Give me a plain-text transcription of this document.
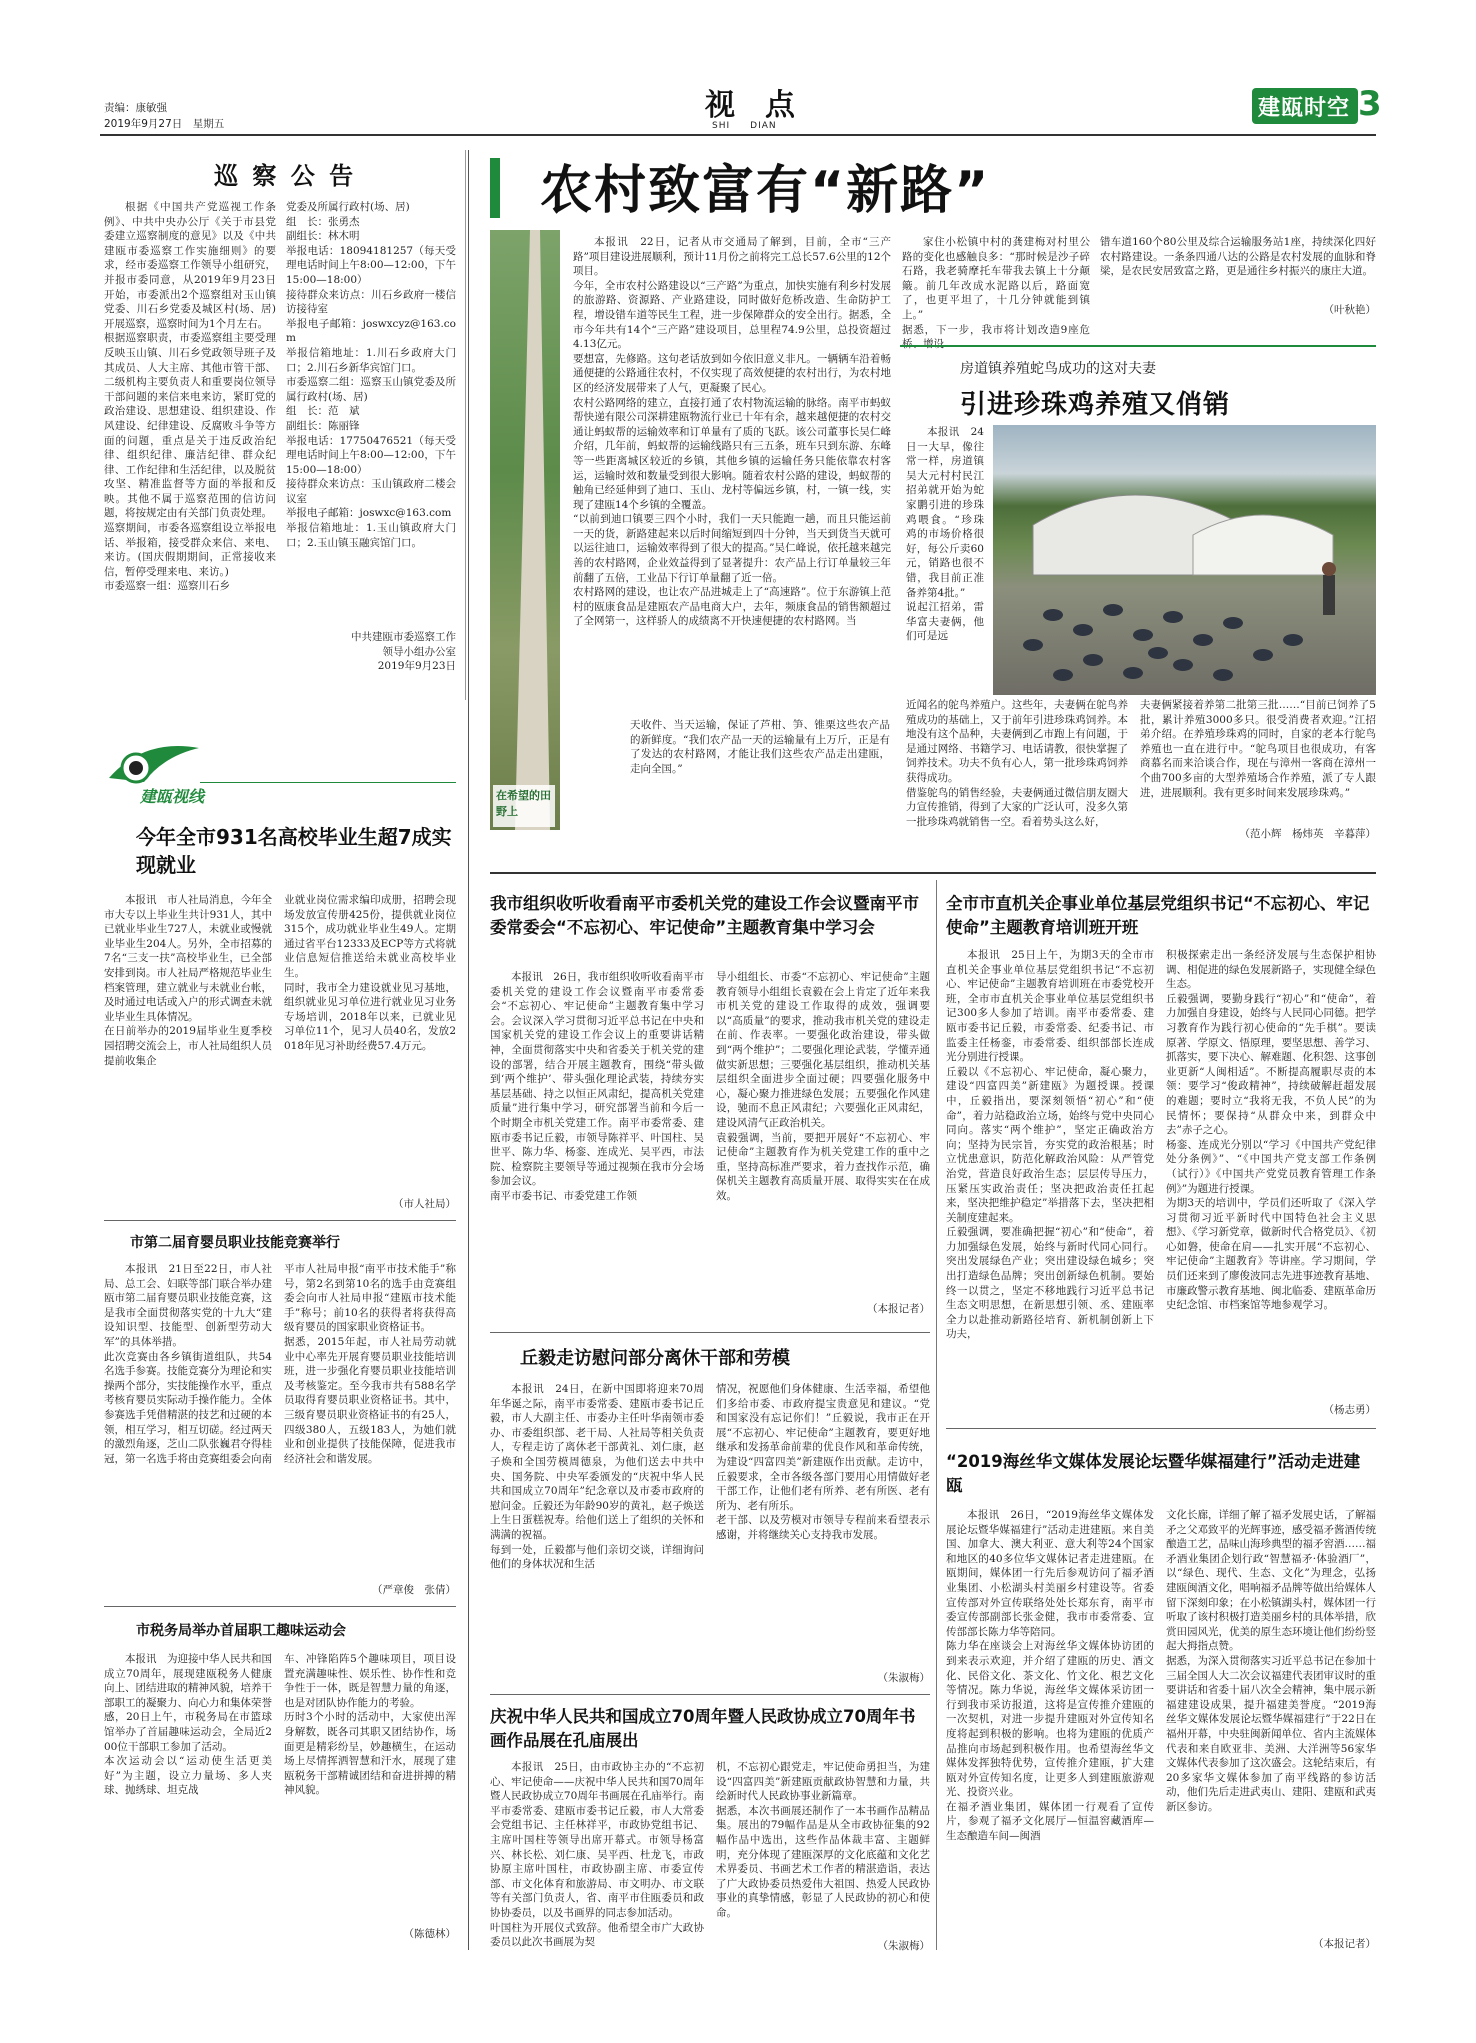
责编：康敏强
2019年9月27日　星期五
视　点
SHI　　DIAN
建瓯时空 3
巡 察 公 告
根据《中国共产党巡视工作条例》、中共中央办公厅《关于市县党委建立巡察制度的意见》以及《中共建瓯市委巡察工作实施细则》的要求，经市委巡察工作领导小组研究，并报市委同意，从2019年9月23日开始，市委派出2个巡察组对玉山镇党委、川石乡党委及城区村(场、居)开展巡察，巡察时间为1个月左右。
根据巡察职责，市委巡察组主要受理反映玉山镇、川石乡党政领导班子及其成员、人大主席、其他市管干部、二级机构主要负责人和重要岗位领导干部问题的来信来电来访，紧盯党的政治建设、思想建设、组织建设、作风建设、纪律建设、反腐败斗争等方面的问题，重点是关于违反政治纪律、组织纪律、廉洁纪律、群众纪律、工作纪律和生活纪律，以及脱贫攻坚、精准监督等方面的举报和反映。其他不属于巡察范围的信访问题，将按规定由有关部门负责处理。
巡察期间，市委各巡察组设立举报电话、举报箱，接受群众来信、来电、来访。(国庆假期期间，正常接收来信，暂停受理来电、来访。)
市委巡察一组：巡察川石乡
党委及所属行政村(场、居)
组　长：张勇杰
副组长：林木明
举报电话：18094181257（每天受理电话时间上午8:00—12:00，下午15:00—18:00）
接待群众来访点：川石乡政府一楼信访接待室
举报电子邮箱：joswxcyz@163.com
举报信箱地址：1.川石乡政府大门口；2.川石乡新华宾馆门口。
市委巡察二组：巡察玉山镇党委及所属行政村(场、居)
组　长：范　斌
副组长：陈丽锋
举报电话：17750476521（每天受理电话时间上午8:00—12:00，下午15:00—18:00）
接待群众来访点：玉山镇政府二楼会议室
举报电子邮箱：joswxc@163.com
举报信箱地址：1.玉山镇政府大门口；2.玉山镇玉融宾馆门口。
中共建瓯市委巡察工作
领导小组办公室
2019年9月23日
建瓯视线
今年全市931名高校毕业生超7成实现就业
本报讯　市人社局消息，今年全市大专以上毕业生共计931人，其中已就业毕业生727人，未就业或慢就业毕业生204人。另外，全市招募的7名“三支一扶”高校毕业生，已全部安排到岗。市人社局严格规范毕业生档案管理，建立就业与未就业台帐，及时通过电话或入户的形式调查未就业毕业生具体情况。
在日前举办的2019届毕业生夏季校园招聘交流会上，市人社局组织人员提前收集企
业就业岗位需求编印成册，招聘会现场发放宣传册425份，提供就业岗位315个，成功就业毕业生49人。定期通过省平台12333及ECP等方式将就业信息短信推送给未就业高校毕业生。
同时，我市全力建设就业见习基地，组织就业见习单位进行就业见习业务专场培训，2018年以来，已就业见习单位11个，见习人员40名，发放2018年见习补助经费57.4万元。
（市人社局）
市第二届育婴员职业技能竞赛举行
本报讯　21日至22日，市人社局、总工会、妇联等部门联合举办建瓯市第二届育婴员职业技能竞赛，这是我市全面贯彻落实党的十九大“建设知识型、技能型、创新型劳动大军”的具体举措。
此次竞赛由各乡镇街道组队，共54名选手参赛。技能竞赛分为理论和实操两个部分，实技能操作水平，重点考核育婴员实际动手操作能力。全体参赛选手凭借精湛的技艺和过硬的本领，相互学习，相互切磋。经过两天的激烈角逐，芝山二队张巍君夺得桂冠，第一名选手将由竞赛组委会向南
平市人社局申报“南平市技术能手”称号，第2名到第10名的选手由竞赛组委会向市人社局申报“建瓯市技术能手”称号；前10名的获得者将获得高级育婴员的国家职业资格证书。
据悉，2015年起，市人社局劳动就业中心率先开展育婴员职业技能培训班，进一步强化育婴员职业技能培训及考核鉴定。至今我市共有588名学员取得育婴员职业资格证书。其中，三级育婴员职业资格证书的有25人，四级380人，五级183人，为她们就业和创业提供了技能保障，促进我市经济社会和谐发展。
（严章俊　张倩）
市税务局举办首届职工趣味运动会
本报讯　为迎接中华人民共和国成立70周年，展现建瓯税务人健康向上、团结进取的精神风貌，培养干部职工的凝聚力、向心力和集体荣誉感，20日上午，市税务局在市篮球馆举办了首届趣味运动会，全局近200位干部职工参加了活动。
本次运动会以“运动使生活更美好”为主题，设立力量场、多人夹球、抛绣球、坦克战
车、冲锋陷阵5个趣味项目，项目设置充满趣味性、娱乐性、协作性和竞争性于一体，既是智慧力量的角逐，也是对团队协作能力的考验。
历时3个小时的活动中，大家使出浑身解数，既各司其职又团结协作，场面更是精彩纷呈，妙趣横生，在运动场上尽情挥洒智慧和汗水，展现了建瓯税务干部精诚团结和奋进拼搏的精神风貌。
（陈德林）
农村致富有“新路”
在希望的田野上
本报讯　22日，记者从市交通局了解到，目前，全市“三产路”项目建设进展顺利，预计11月份之前将完工总长57.6公里的12个项目。
今年，全市农村公路建设以“三产路”为重点，加快实施有利乡村发展的旅游路、资源路、产业路建设，同时做好危桥改造、生命防护工程，增设错车道等民生工程，进一步保障群众的安全出行。据悉，全市今年共有14个“三产路”建设项目，总里程74.9公里，总投资超过4.13亿元。
要想富，先修路。这句老话放到如今依旧意义非凡。一辆辆车沿着畅通便捷的公路通往农村，不仅实现了高效便捷的农村出行，为农村地区的经济发展带来了人气，更凝聚了民心。
农村公路网络的建立，直接打通了农村物流运输的脉络。南平市蚂蚁帮快递有限公司深耕建瓯物流行业已十年有余，越来越便捷的农村交通让蚂蚁帮的运输效率和订单量有了质的飞跃。该公司董事长吴仁峰介绍，几年前，蚂蚁帮的运输线路只有三五条，班车只到东游、东峰等一些距离城区较近的乡镇，其他乡镇的运输任务只能依靠农村客运，运输时效和数量受到很大影响。随着农村公路的建设，蚂蚁帮的触角已经延伸到了迪口、玉山、龙村等偏远乡镇，村，一镇一线，实现了建瓯14个乡镇的全覆盖。
“以前到迪口镇要三四个小时，我们一天只能跑一趟，而且只能运前一天的货，新路建起来以后时间缩短到四十分钟，当天到货当天就可以运往迪口，运输效率得到了很大的提高。”吴仁峰说，依托越来越完善的农村路网，企业效益得到了显著提升：农产品上行订单量较三年前翻了五倍，工业品下行订单量翻了近一倍。
农村路网的建设，也让农产品进城走上了“高速路”。位于东游镇上范村的瓯康食品是建瓯农产品电商大户，去年，频康食品的销售额超过了全网第一，这样骄人的成绩离不开快速便捷的农村路网。当
天收件、当天运输，保证了芦柑、笋、锥栗这些农产品的新鲜度。“我们农产品一天的运输量有上万斤，正是有了发达的农村路网，才能让我们这些农产品走出建瓯，走向全国。”
家住小松镇中村的龚建梅对村里公路的变化也感触良多：“那时候是沙子碎石路，我老骑摩托车带我去镇上十分颠簸。前几年改成水泥路以后，路面宽了，也更平坦了，十几分钟就能到镇上。”
据悉，下一步，我市将计划改造9座危桥、增设
错车道160个80公里及综合运输服务站1座，持续深化四好农村路建设。一条条四通八达的公路是农村发展的血脉和脊梁，是农民安居致富之路，更是通往乡村振兴的康庄大道。
（叶秋艳）
房道镇养殖蛇鸟成功的这对夫妻
引进珍珠鸡养殖又俏销
本报讯　24日一大早，像往常一样，房道镇吴大元村村民江招弟就开始为蛇家鹏引进的珍珠鸡喂食。“珍珠鸡的市场价格很好，每公斤卖60元，销路也很不错，我目前正准备养第4批。”
说起江招弟，雷华富夫妻俩，他们可是远
近闻名的鸵鸟养殖户。这些年，夫妻俩在鸵鸟养殖成功的基础上，又于前年引进珍珠鸡饲养。本地没有这个品种，夫妻俩到乙市跑上有问题，于是通过网络、书籍学习、电话请教，很快掌握了饲养技术。功夫不负有心人，第一批珍珠鸡饲养获得成功。
借鉴鸵鸟的销售经验，夫妻俩通过微信朋友圈大力宣传推销，得到了大家的广泛认可，没多久第一批珍珠鸡就销售一空。看着势头这么好，
夫妻俩紧接着养第二批第三批……“目前已饲养了5批，累计养殖3000多只。很受消费者欢迎。”江招弟介绍。在养殖珍珠鸡的同时，自家的老本行鸵鸟养殖也一直在进行中。“鸵鸟项目也很成功，有客商慕名而来洽谈合作，现在与漳州一客商在漳州一个曲700多亩的大型养殖场合作养殖，派了专人跟进，进展顺利。我有更多时间来发展珍珠鸡。”
（范小辉　杨炜英　辛暮萍）
我市组织收听收看南平市委机关党的建设工作会议暨南平市委常委会“不忘初心、牢记使命”主题教育集中学习会
本报讯　26日，我市组织收听收看南平市委机关党的建设工作会议暨南平市委常委会“不忘初心、牢记使命”主题教育集中学习会。会议深入学习贯彻习近平总书记在中央和国家机关党的建设工作会议上的重要讲话精神，全面贯彻落实中央和省委关于机关党的建设的部署，结合开展主题教育，围绕“带头做到‘两个维护’、带头强化理论武装，持续夯实基层基础、持之以恒正风肃纪，提高机关党建质量”进行集中学习，研究部署当前和今后一个时期全市机关党建工作。南平市委常委、建瓯市委书记丘毅，市领导陈祥平、叶国柱、吴世平、陈力华、杨銮、连成光、吴平西，市法院、检察院主要领导等通过视频在我市分会场参加会议。
南平市委书记、市委党建工作领
导小组组长、市委“不忘初心、牢记使命”主题教育领导小组组长袁毅在会上肯定了近年来我市机关党的建设工作取得的成效，强调要以“高质量”的要求，推动我市机关党的建设走在前、作表率。一要强化政治建设，带头做到“两个维护”；二要强化理论武装，学懂弄通做实新思想；三要强化基层组织，推动机关基层组织全面进步全面过硬；四要强化服务中心，凝心聚力推进绿色发展；五要强化作风建设，驰而不息正风肃纪；六要强化正风肃纪，建设风清气正政治机关。
袁毅强调，当前，要把开展好“不忘初心、牢记使命”主题教育作为机关党建工作的重中之重，坚持高标准严要求，着力查找作示范，确保机关主题教育高质量开展、取得实实在在成效。
（本报记者）
丘毅走访慰问部分离休干部和劳模
本报讯　24日，在新中国即将迎来70周年华诞之际，南平市委常委、建瓯市委书记丘毅，市人大副主任、市委办主任叶华南领市委办、市委组织部、老干局、人社局等相关负责人，专程走访了离休老干部黄礼、刘仁康，赵子焕和全国劳模周德泉，为他们送去中共中央、国务院、中央军委颁发的“庆祝中华人民共和国成立70周年”纪念章以及市委市政府的慰问金。丘毅还为年龄90岁的黄礼，赵子焕送上生日蛋糕祝寿。给他们送上了组织的关怀和满满的祝福。
每到一处，丘毅都与他们亲切交谈，详细询问他们的身体状况和生活
情况，祝愿他们身体健康、生活幸福，希望他们多给市委、市政府提宝贵意见和建议。“党和国家没有忘记你们！”丘毅说，我市正在开展“不忘初心、牢记使命”主题教育，要更好地继承和发扬革命前辈的优良作风和革命传统，为建设“四富四美”新建瓯作出贡献。走访中，丘毅要求，全市各级各部门要用心用情做好老干部工作，让他们老有所养、老有所医、老有所为、老有所乐。
老干部、以及劳模对市领导专程前来看望表示感谢，并将继续关心支持我市发展。
（朱淑梅）
庆祝中华人民共和国成立70周年暨人民政协成立70周年书画作品展在孔庙展出
本报讯　25日，由市政协主办的“不忘初心、牢记使命——庆祝中华人民共和国70周年暨人民政协成立70周年书画展在孔庙举行。南平市委常委、建瓯市委书记丘毅，市人大常委会党组书记、主任林祥平，市政协党组书记、主席叶国柱等领导出席开幕式。市领导杨富兴、林长松、刘仁康、吴平西、杜龙飞，市政协原主席叶国柱，市政协副主席、市委宣传部、市文化体育和旅游局、市文明办、市文联等有关部门负责人，省、南平市住瓯委员和政协协委员，以及书画界的同志参加活动。
叶国柱为开展仪式致辞。他希望全市广大政协委员以此次书画展为契
机，不忘初心跟党走，牢记使命勇担当，为建设“四富四美”新建瓯贡献政协智慧和力量，共绘新时代人民政协事业新篇章。
据悉，本次书画展还制作了一本书画作品精品集。展出的79幅作品是从全市政协征集的92幅作品中选出，这些作品体裁丰富、主题鲜明，充分体现了建瓯深厚的文化底蕴和文化艺术界委员、书画艺术工作者的精湛造诣，表达了广大政协委员热爱伟大祖国、热爱人民政协事业的真挚情感，彰显了人民政协的初心和使命。
（朱淑梅）
全市市直机关企事业单位基层党组织书记“不忘初心、牢记使命”主题教育培训班开班
本报讯　25日上午，为期3天的全市市直机关企事业单位基层党组织书记“不忘初心、牢记使命”主题教育培训班在市委党校开班，全市市直机关企事业单位基层党组织书记300多人参加了培训。南平市委常委、建瓯市委书记丘毅，市委常委、纪委书记、市监委主任杨銮，市委常委、组织部部长连成光分别进行授课。
丘毅以《不忘初心、牢记使命，凝心聚力，建设“四富四美”新建瓯》为题授课。授课中，丘毅指出，要深刻领悟“初心”和“使命”，着力站稳政治立场，始终与党中央同心同向。落实“两个维护”，坚定正确政治方向；坚持为民宗旨，夯实党的政治根基；时立忧患意识，防范化解政治风险：从严管党治党，营造良好政治生态；层层传导压力，压紧压实政治责任；坚决把政治责任扛起来，坚决把维护稳定”举措落下去，坚决把相关制度建起来。
丘毅强调，要准确把握“初心”和“使命”，着力加强绿色发展，始终与新时代同心同行。突出发展绿色产业；突出建设绿色城乡；突出打造绿色品牌；突出创新绿色机制。要始终一以贯之，坚定不移地践行习近平总书记生态文明思想，在新思想引领、丞、建瓯率全力以赴推动新路径培育、新机制创新上下功夫，
积极探索走出一条经济发展与生态保护相协调、相促进的绿色发展新路子，实现健全绿色生态。
丘毅强调，要勤身践行“初心”和“使命”，着力加强自身建设，始终与人民同心同德。把学习教育作为践行初心使命的“先手棋”。要读原著、学原文、悟原理，要坚思想、善学习、抓落实，要下决心、解难题、化积怨、这事创业更新“人闽相适”。不断提高履职尽责的本领：要学习“俊政精神”，持续破解赶超发展的难题；要时立“我将无我，不负人民”的为民情怀；要保持“从群众中来，到群众中去”赤子之心。
杨銮、连成光分别以“学习《中国共产党纪律处分条例》”、“《中国共产党支部工作条例（试行）》《中国共产党党员教育管理工作条例》”为题进行授课。
为期3天的培训中，学员们还听取了《深入学习贯彻习近平新时代中国特色社会主义思想》、《学习新党章，做新时代合格党员》、《初心如磐，使命在肩——扎实开展“不忘初心、牢记使命”主题教育》等讲座。学习期间，学员们还来到了廖俊波同志先进事迹教育基地、市廉政警示教育基地、闽北临委、建瓯革命历史纪念馆、市档案馆等地参观学习。
（杨志勇）
“2019海丝华文媒体发展论坛暨华媒福建行”活动走进建瓯
本报讯　26日，“2019海丝华文媒体发展论坛暨华媒福建行”活动走进建瓯。来自美国、加拿大、澳大利亚、意大利等24个国家和地区的40多位华文媒体记者走进建瓯。在瓯期间，媒体团一行先后参观访问了福矛酒业集团、小松湖头村美丽乡村建设等。省委宣传部对外宣传联络处处长郑东育，南平市委宣传部副部长张金健，我市市委常委、宣传部部长陈力华等陪同。
陈力华在座谈会上对海丝华文媒体协访团的到来表示欢迎，并介绍了建瓯的历史、酒文化、民俗文化、茶文化、竹文化、根艺文化等情况。陈力华说，海丝华文媒体采访团一行到我市采访报道，这将是宣传推介建瓯的一次契机，对进一步提升建瓯对外宣传知名度将起到积极的影响。也将为建瓯的优质产品推向市场起到积极作用。也希望海丝华文媒体发挥独特优势，宣传推介建瓯，扩大建瓯对外宣传知名度，让更多人到建瓯旅游观光、投资兴业。
在福矛酒业集团，媒体团一行观看了宣传片，参观了福矛文化展厅—恒温窖藏酒库—生态酿造车间—闽酒
文化长廊，详细了解了福矛发展史话，了解福矛之父邓致平的光辉事迹，感受福矛酱酒传统酿造工艺，品味山海珍典型的福矛窖酒……福矛酒业集团企划行政“智慧福矛·体验酒厂”，以“绿色、现代、生态、文化”为理念，弘扬建瓯闽酒文化，唱响福矛品牌等做出给媒体人留下深刻印象；在小松镇湖头村，媒体团一行听取了该村积极打造美丽乡村的具体举措，欣赏田园风光，优美的原生态环境让他们纷纷竖起大拇指点赞。
据悉，为深入贯彻落实习近平总书记在参加十三届全国人大二次会议福建代表团审议时的重要讲话和省委十届八次全会精神，集中展示新福建建设成果，提升福建美誉度。“2019海丝华文媒体发展论坛暨华媒福建行”于22日在福州开幕，中央驻闽新闻单位、省内主流媒体代表和来自欧亚非、美洲、大洋洲等56家华文媒体代表参加了这次盛会。这轮结束后，有20多家华文媒体参加了南平线路的参访活动，他们先后走进武夷山、建阳、建瓯和武夷新区参访。
（本报记者）
